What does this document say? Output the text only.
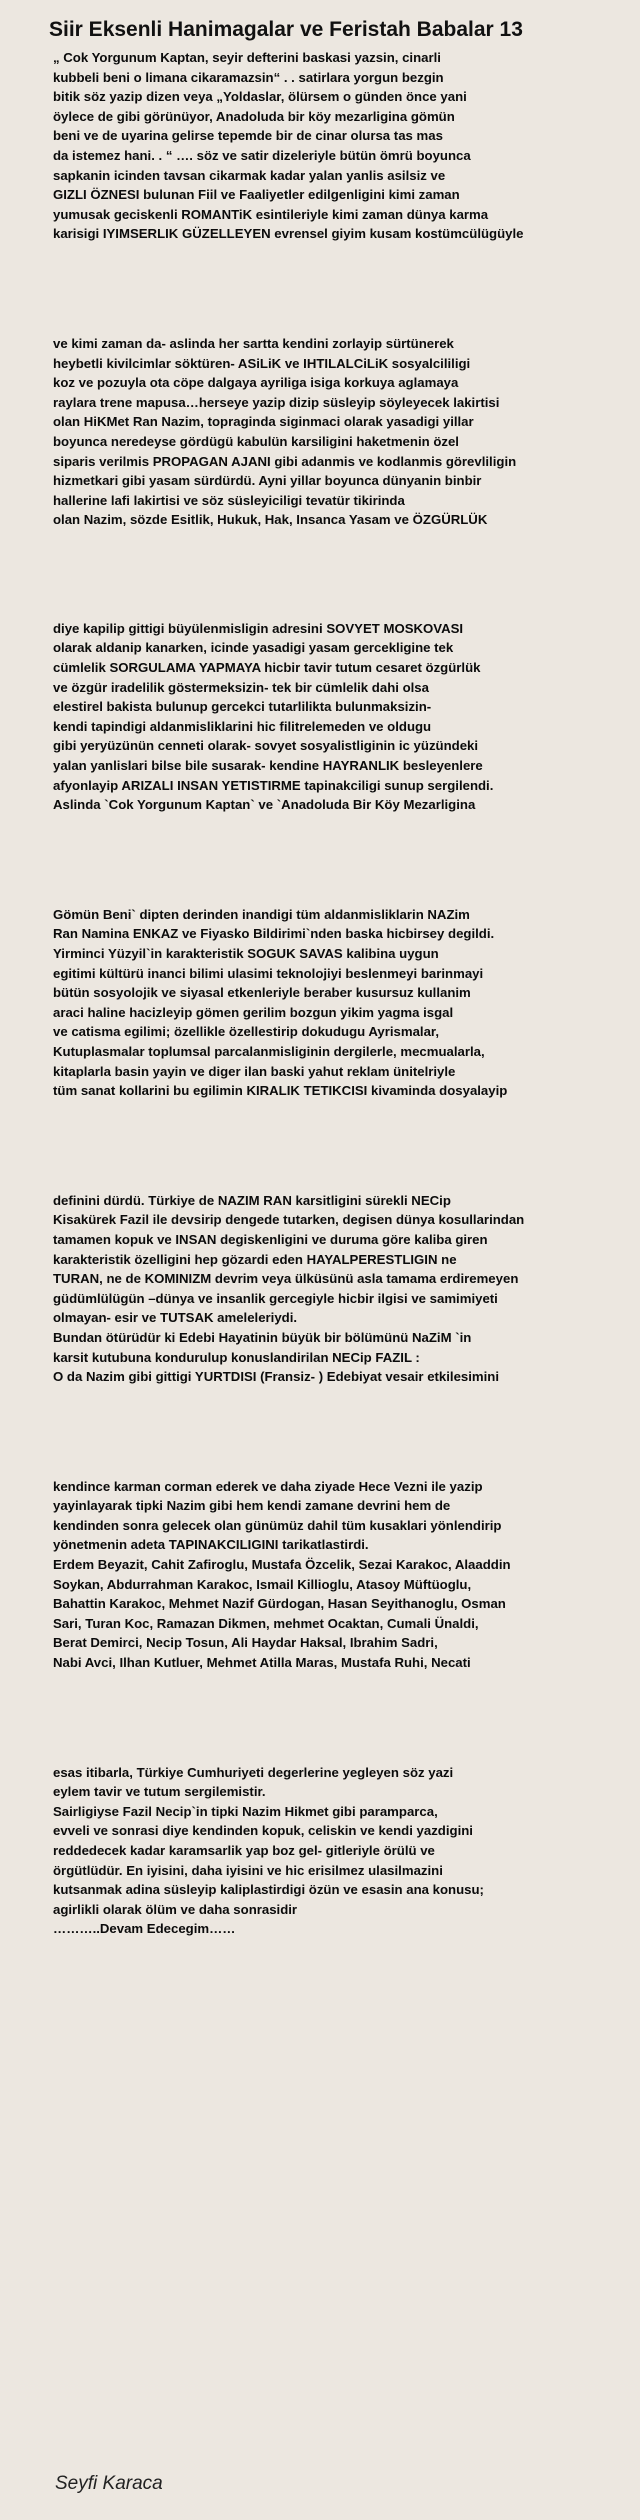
Siir Eksenli Hanimagalar ve Feristah Babalar 13
„ Cok Yorgunum Kaptan, seyir defterini baskasi yazsin, cinarli
kubbeli beni o limana cikaramazsin“ . . satirlara yorgun bezgin
bitik söz yazip dizen veya „Yoldaslar, ölürsem o günden önce yani
öylece de gibi görünüyor, Anadoluda bir köy mezarligina gömün
beni ve de uyarina gelirse tepemde bir de cinar olursa tas mas
da istemez hani. . “ …. söz ve satir dizeleriyle bütün ömrü boyunca
sapkanin icinden tavsan cikarmak kadar yalan yanlis asilsiz ve
GIZLI ÖZNESI bulunan Fiil ve Faaliyetler edilgenligini kimi zaman
yumusak geciskenli ROMANTiK esintileriyle kimi zaman dünya karma
karisigi IYIMSERLIK GÜZELLEYEN evrensel giyim kusam kostümcülügüyle
ve kimi zaman da- aslinda her sartta kendini zorlayip sürtünerek
heybetli kivilcimlar söktüren- ASiLiK ve IHTILALCiLiK sosyalcililigi
koz ve pozuyla ota cöpe dalgaya ayriliga isiga korkuya aglamaya
raylara trene mapusa…herseye yazip dizip süsleyip söyleyecek lakirtisi
olan HiKMet Ran Nazim, topraginda siginmaci olarak yasadigi yillar
boyunca neredeyse gördügü kabulün karsiligini haketmenin özel
siparis verilmis PROPAGAN AJANI gibi adanmis ve kodlanmis görevliligin
hizmetkari gibi yasam sürdürdü. Ayni yillar boyunca dünyanin binbir
hallerine lafi lakirtisi ve söz süsleyiciligi tevatür tikirinda
olan Nazim, sözde Esitlik, Hukuk, Hak, Insanca Yasam ve ÖZGÜRLÜK
diye kapilip gittigi büyülenmisligin adresini SOVYET MOSKOVASI
olarak aldanip kanarken, icinde yasadigi yasam gercekligine tek
cümlelik SORGULAMA YAPMAYA hicbir tavir tutum cesaret özgürlük
ve özgür iradelilik göstermeksizin- tek bir cümlelik dahi olsa
elestirel bakista bulunup gercekci tutarlilikta bulunmaksizin-
kendi tapindigi aldanmisliklarini hic filitrelemeden ve oldugu
gibi yeryüzünün cenneti olarak- sovyet sosyalistliginin ic yüzündeki
yalan yanlislari bilse bile susarak- kendine HAYRANLIK besleyenlere
afyonlayip ARIZALI INSAN YETISTIRME tapinakciligi sunup sergilendi.
Aslinda `Cok Yorgunum Kaptan` ve `Anadoluda Bir Köy Mezarligina
Gömün Beni` dipten derinden inandigi tüm aldanmisliklarin NAZim
Ran Namina ENKAZ ve Fiyasko Bildirimi`nden baska hicbirsey degildi.
Yirminci Yüzyil`in karakteristik SOGUK SAVAS kalibina uygun
egitimi kültürü inanci bilimi ulasimi teknolojiyi beslenmeyi barinmayi
bütün sosyolojik ve siyasal etkenleriyle beraber kusursuz kullanim
araci haline hacizleyip gömen gerilim bozgun yikim yagma isgal
ve catisma egilimi; özellikle özellestirip dokudugu Ayrismalar,
Kutuplasmalar toplumsal parcalanmisliginin dergilerle, mecmualarla,
kitaplarla basin yayin ve diger ilan baski yahut reklam ünitelriyle
tüm sanat kollarini bu egilimin KIRALIK TETIKCISI kivaminda dosyalayip
definini dürdü. Türkiye de NAZIM RAN karsitligini sürekli NECip
Kisakürek Fazil ile devsirip dengede tutarken, degisen dünya kosullarindan
tamamen kopuk ve INSAN degiskenligini ve duruma göre kaliba giren
karakteristik özelligini hep gözardi eden HAYALPERESTLIGIN ne
TURAN, ne de KOMINIZM devrim veya ülküsünü asla tamama erdiremeyen
güdümlülügün –dünya ve insanlik gercegiyle hicbir ilgisi ve samimiyeti
olmayan- esir ve TUTSAK ameleleriydi.
Bundan ötürüdür ki Edebi Hayatinin büyük bir bölümünü NaZiM `in
karsit kutubuna kondurulup konuslandirilan NECip FAZIL :
O da Nazim gibi gittigi YURTDISI (Fransiz- ) Edebiyat vesair etkilesimini
kendince karman corman ederek ve daha ziyade Hece Vezni ile yazip
yayinlayarak tipki Nazim gibi hem kendi zamane devrini hem de
kendinden sonra gelecek olan günümüz dahil tüm kusaklari yönlendirip
yönetmenin adeta TAPINAKCILIGINI tarikatlastirdi.
Erdem Beyazit, Cahit Zafiroglu, Mustafa Özcelik, Sezai Karakoc, Alaaddin
Soykan, Abdurrahman Karakoc, Ismail Killioglu, Atasoy Müftüoglu,
Bahattin Karakoc, Mehmet Nazif Gürdogan, Hasan Seyithanoglu, Osman
Sari, Turan Koc, Ramazan Dikmen, mehmet Ocaktan, Cumali Ünaldi,
Berat Demirci, Necip Tosun, Ali Haydar Haksal, Ibrahim Sadri,
Nabi Avci, Ilhan Kutluer, Mehmet Atilla Maras, Mustafa Ruhi, Necati
esas itibarla, Türkiye Cumhuriyeti degerlerine yegleyen söz yazi
eylem tavir ve tutum sergilemistir.
Sairligiyse Fazil Necip`in tipki Nazim Hikmet gibi paramparca,
evveli ve sonrasi diye kendinden kopuk, celiskin ve kendi yazdigini
reddedecek kadar karamsarlik yap boz gel- gitleriyle örülü ve
örgütlüdür. En iyisini, daha iyisini ve hic erisilmez ulasilmazini
kutsanmak adina süsleyip kaliplastirdigi özün ve esasin ana konusu;
agirlikli olarak ölüm ve daha sonrasidir
………..Devam Edecegim……
Seyfi Karaca
